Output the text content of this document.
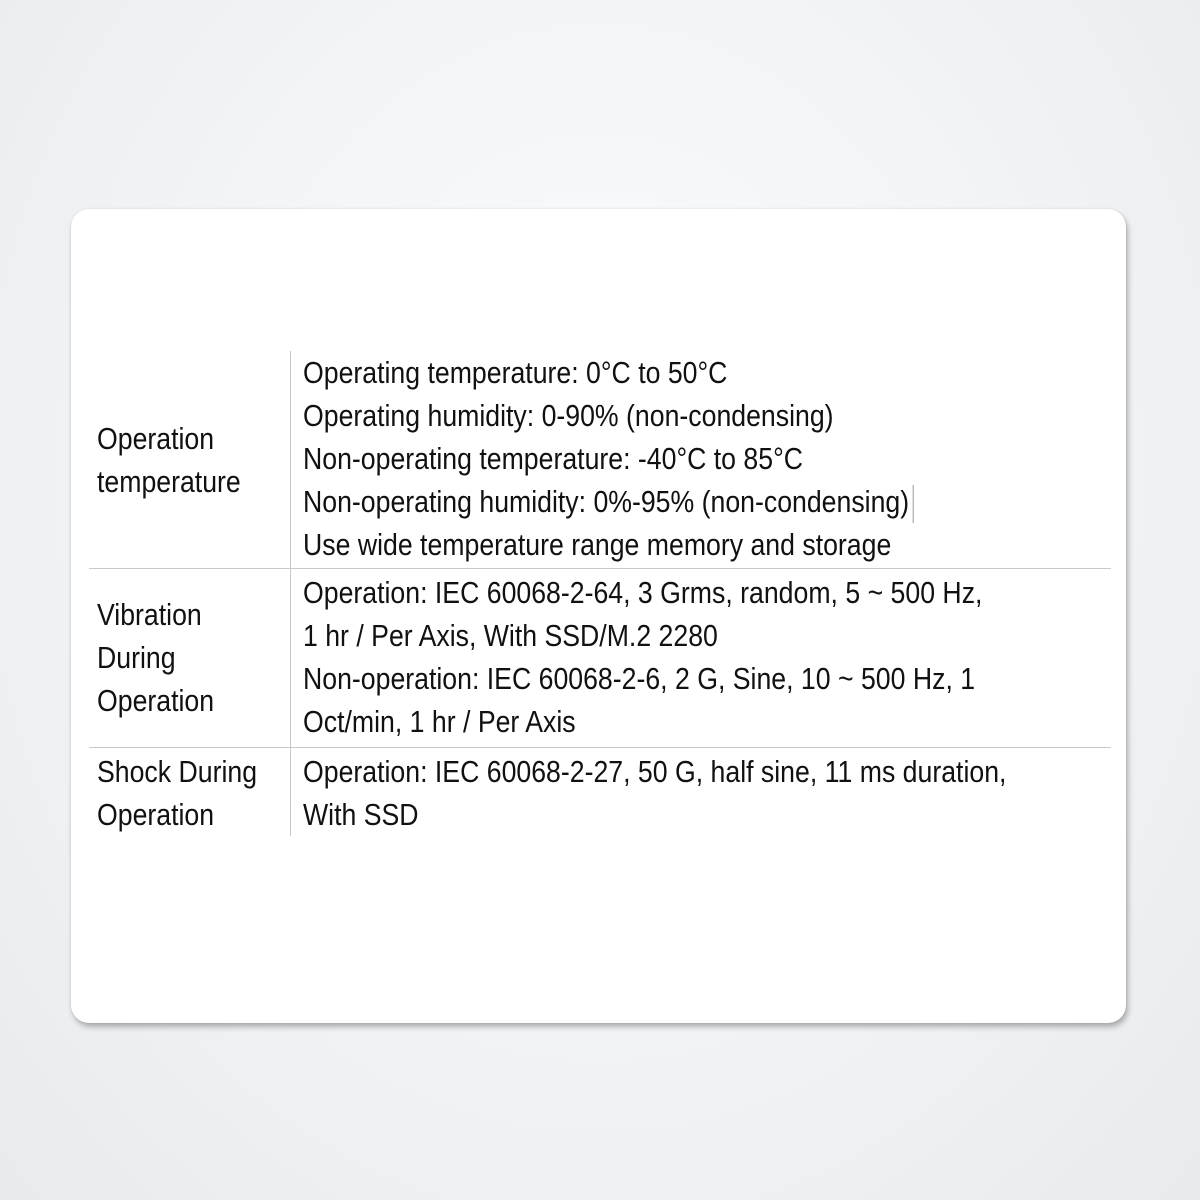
Operation
temperature	Operating temperature: 0°C to 50°C
Operating humidity: 0-90% (non-condensing)
Non-operating temperature: -40°C to 85°C
Non-operating humidity: 0%-95% (non-condensing)
Use wide temperature range memory and storage

Vibration
During
Operation	Operation: IEC 60068-2-64, 3 Grms, random, 5 ~ 500 Hz,
1 hr / Per Axis, With SSD/M.2 2280
Non-operation: IEC 60068-2-6, 2 G, Sine, 10 ~ 500 Hz, 1
Oct/min, 1 hr / Per Axis

Shock During
Operation	Operation: IEC 60068-2-27, 50 G, half sine, 11 ms duration,
With SSD
